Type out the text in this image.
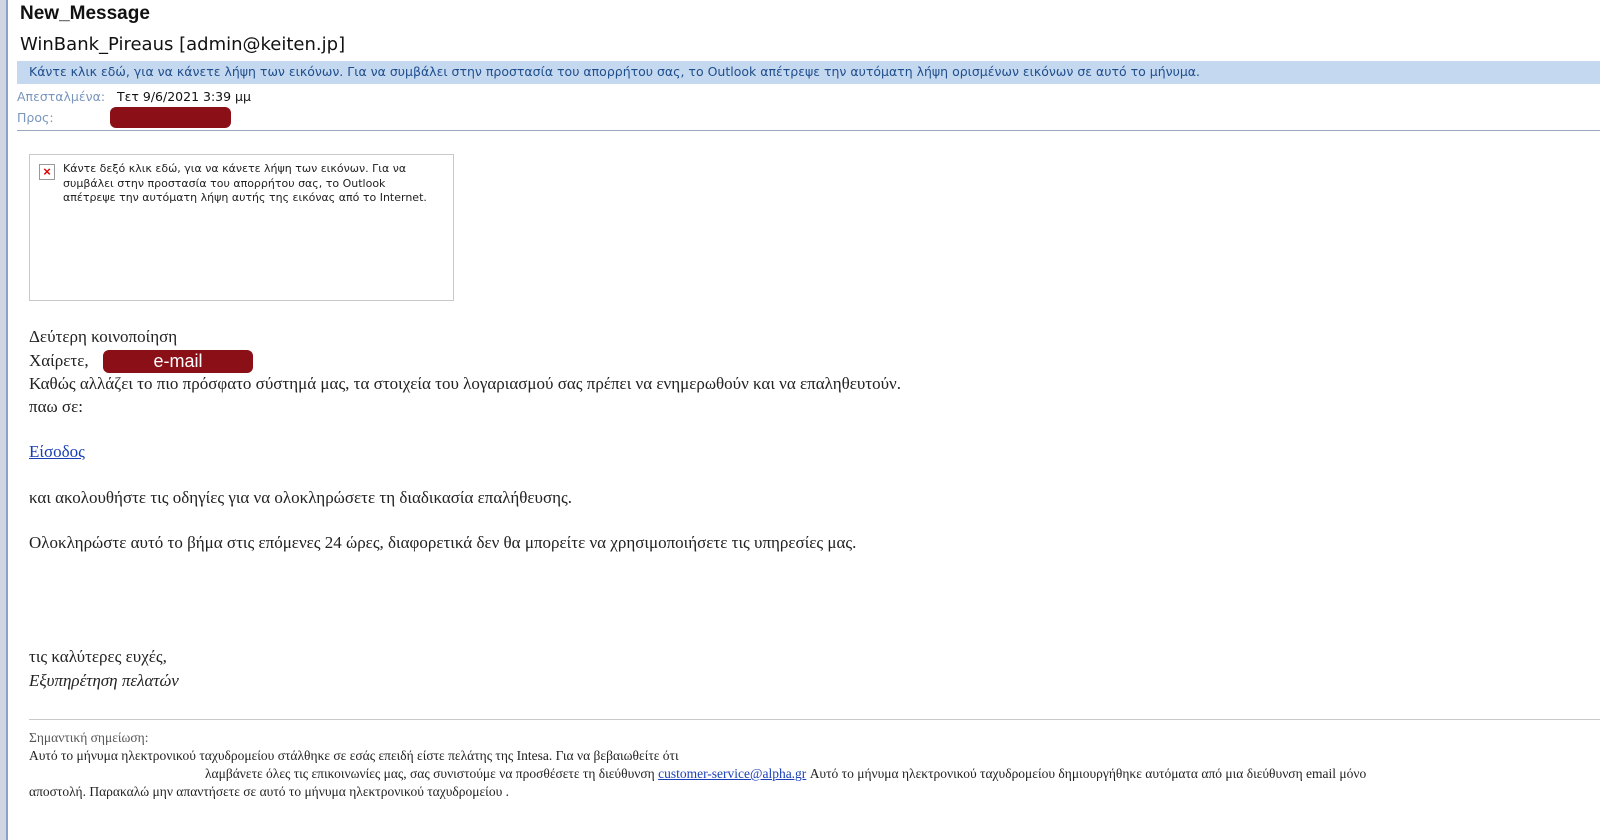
New_Message
WinBank_Pireaus [admin@keiten.jp]
Κάντε κλικ εδώ, για να κάνετε λήψη των εικόνων. Για να συμβάλει στην προστασία του απορρήτου σας, το Outlook απέτρεψε την αυτόματη λήψη ορισμένων εικόνων σε αυτό το μήνυμα.
Απεσταλμένα: Τετ 9/6/2021 3:39 μμ
Προς:
×	Κάντε δεξό κλικ εδώ, για να κάνετε λήψη των εικόνων. Για να συμβάλει στην προστασία του απορρήτου σας, το Outlook απέτρεψε την αυτόματη λήψη αυτής της εικόνας από το Internet.
Δεύτερη κοινοποίηση
Χαίρετε,	e-mail
Καθώς αλλάζει το πιο πρόσφατο σύστημά μας, τα στοιχεία του λογαριασμού σας πρέπει να ενημερωθούν και να επαληθευτούν.
παω σε:
Είσοδος
και ακολουθήστε τις οδηγίες για να ολοκληρώσετε τη διαδικασία επαλήθευσης.
Ολοκληρώστε αυτό το βήμα στις επόμενες 24 ώρες, διαφορετικά δεν θα μπορείτε να χρησιμοποιήσετε τις υπηρεσίες μας.
τις καλύτερες ευχές,
Εξυπηρέτηση πελατών
Σημαντική σημείωση:
Αυτό το μήνυμα ηλεκτρονικού ταχυδρομείου στάλθηκε σε εσάς επειδή είστε πελάτης της Intesa. Για να βεβαιωθείτε ότι
λαμβάνετε όλες τις επικοινωνίες μας, σας συνιστούμε να προσθέσετε τη διεύθυνση customer-service@alpha.gr Αυτό το μήνυμα ηλεκτρονικού ταχυδρομείου δημιουργήθηκε αυτόματα από μια διεύθυνση email μόνο
αποστολή. Παρακαλώ μην απαντήσετε σε αυτό το μήνυμα ηλεκτρονικού ταχυδρομείου .
